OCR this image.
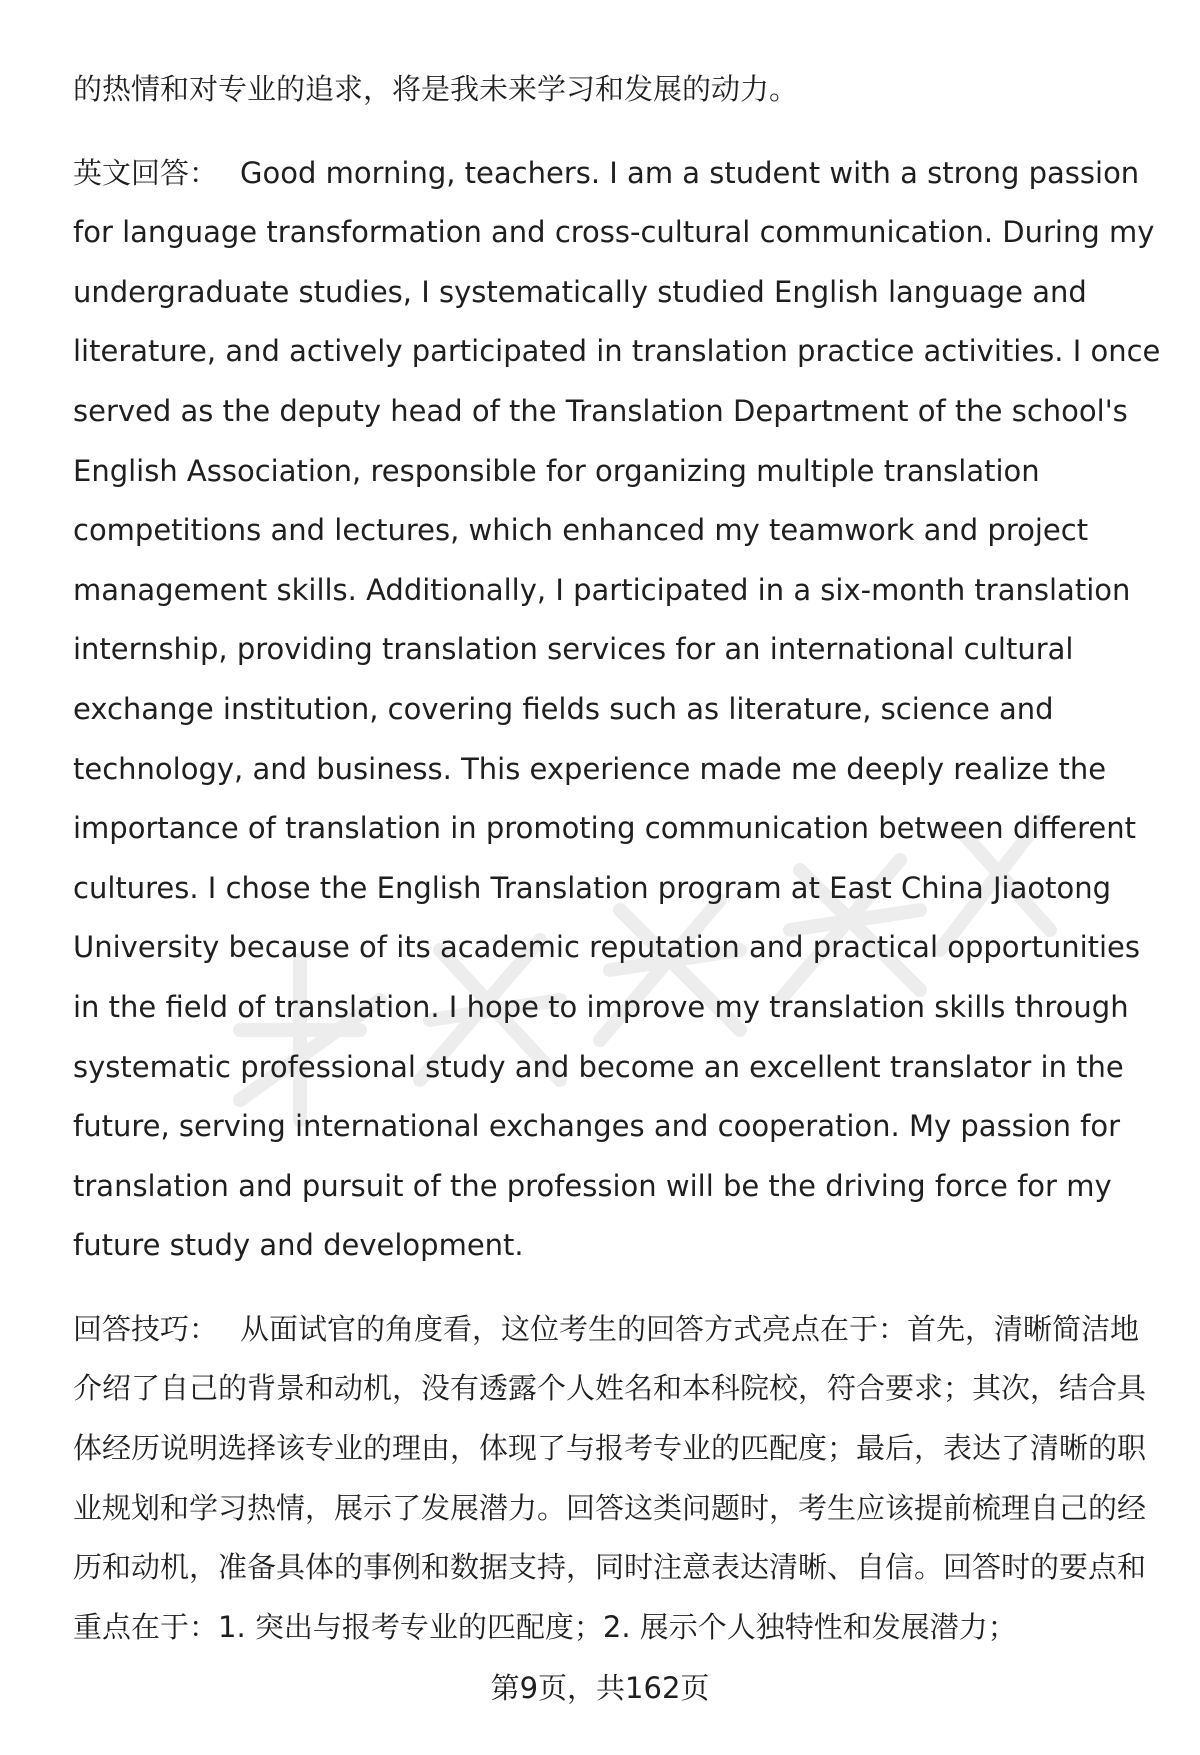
的热情和对专业的追求，将是我未来学习和发展的动力。

英文回答： Good morning, teachers. I am a student with a strong passion for language transformation and cross-cultural communication. During my undergraduate studies, I systematically studied English language and literature, and actively participated in translation practice activities. I once served as the deputy head of the Translation Department of the school's English Association, responsible for organizing multiple translation competitions and lectures, which enhanced my teamwork and project management skills. Additionally, I participated in a six-month translation internship, providing translation services for an international cultural exchange institution, covering fields such as literature, science and technology, and business. This experience made me deeply realize the importance of translation in promoting communication between different cultures. I chose the English Translation program at East China Jiaotong University because of its academic reputation and practical opportunities in the field of translation. I hope to improve my translation skills through systematic professional study and become an excellent translator in the future, serving international exchanges and cooperation. My passion for translation and pursuit of the profession will be the driving force for my future study and development.

回答技巧： 从面试官的角度看，这位考生的回答方式亮点在于：首先，清晰简洁地介绍了自己的背景和动机，没有透露个人姓名和本科院校，符合要求；其次，结合具体经历说明选择该专业的理由，体现了与报考专业的匹配度；最后，表达了清晰的职业规划和学习热情，展示了发展潜力。回答这类问题时，考生应该提前梳理自己的经历和动机，准备具体的事例和数据支持，同时注意表达清晰、自信。回答时的要点和重点在于：1. 突出与报考专业的匹配度；2. 展示个人独特性和发展潜力；

第9页，共162页
